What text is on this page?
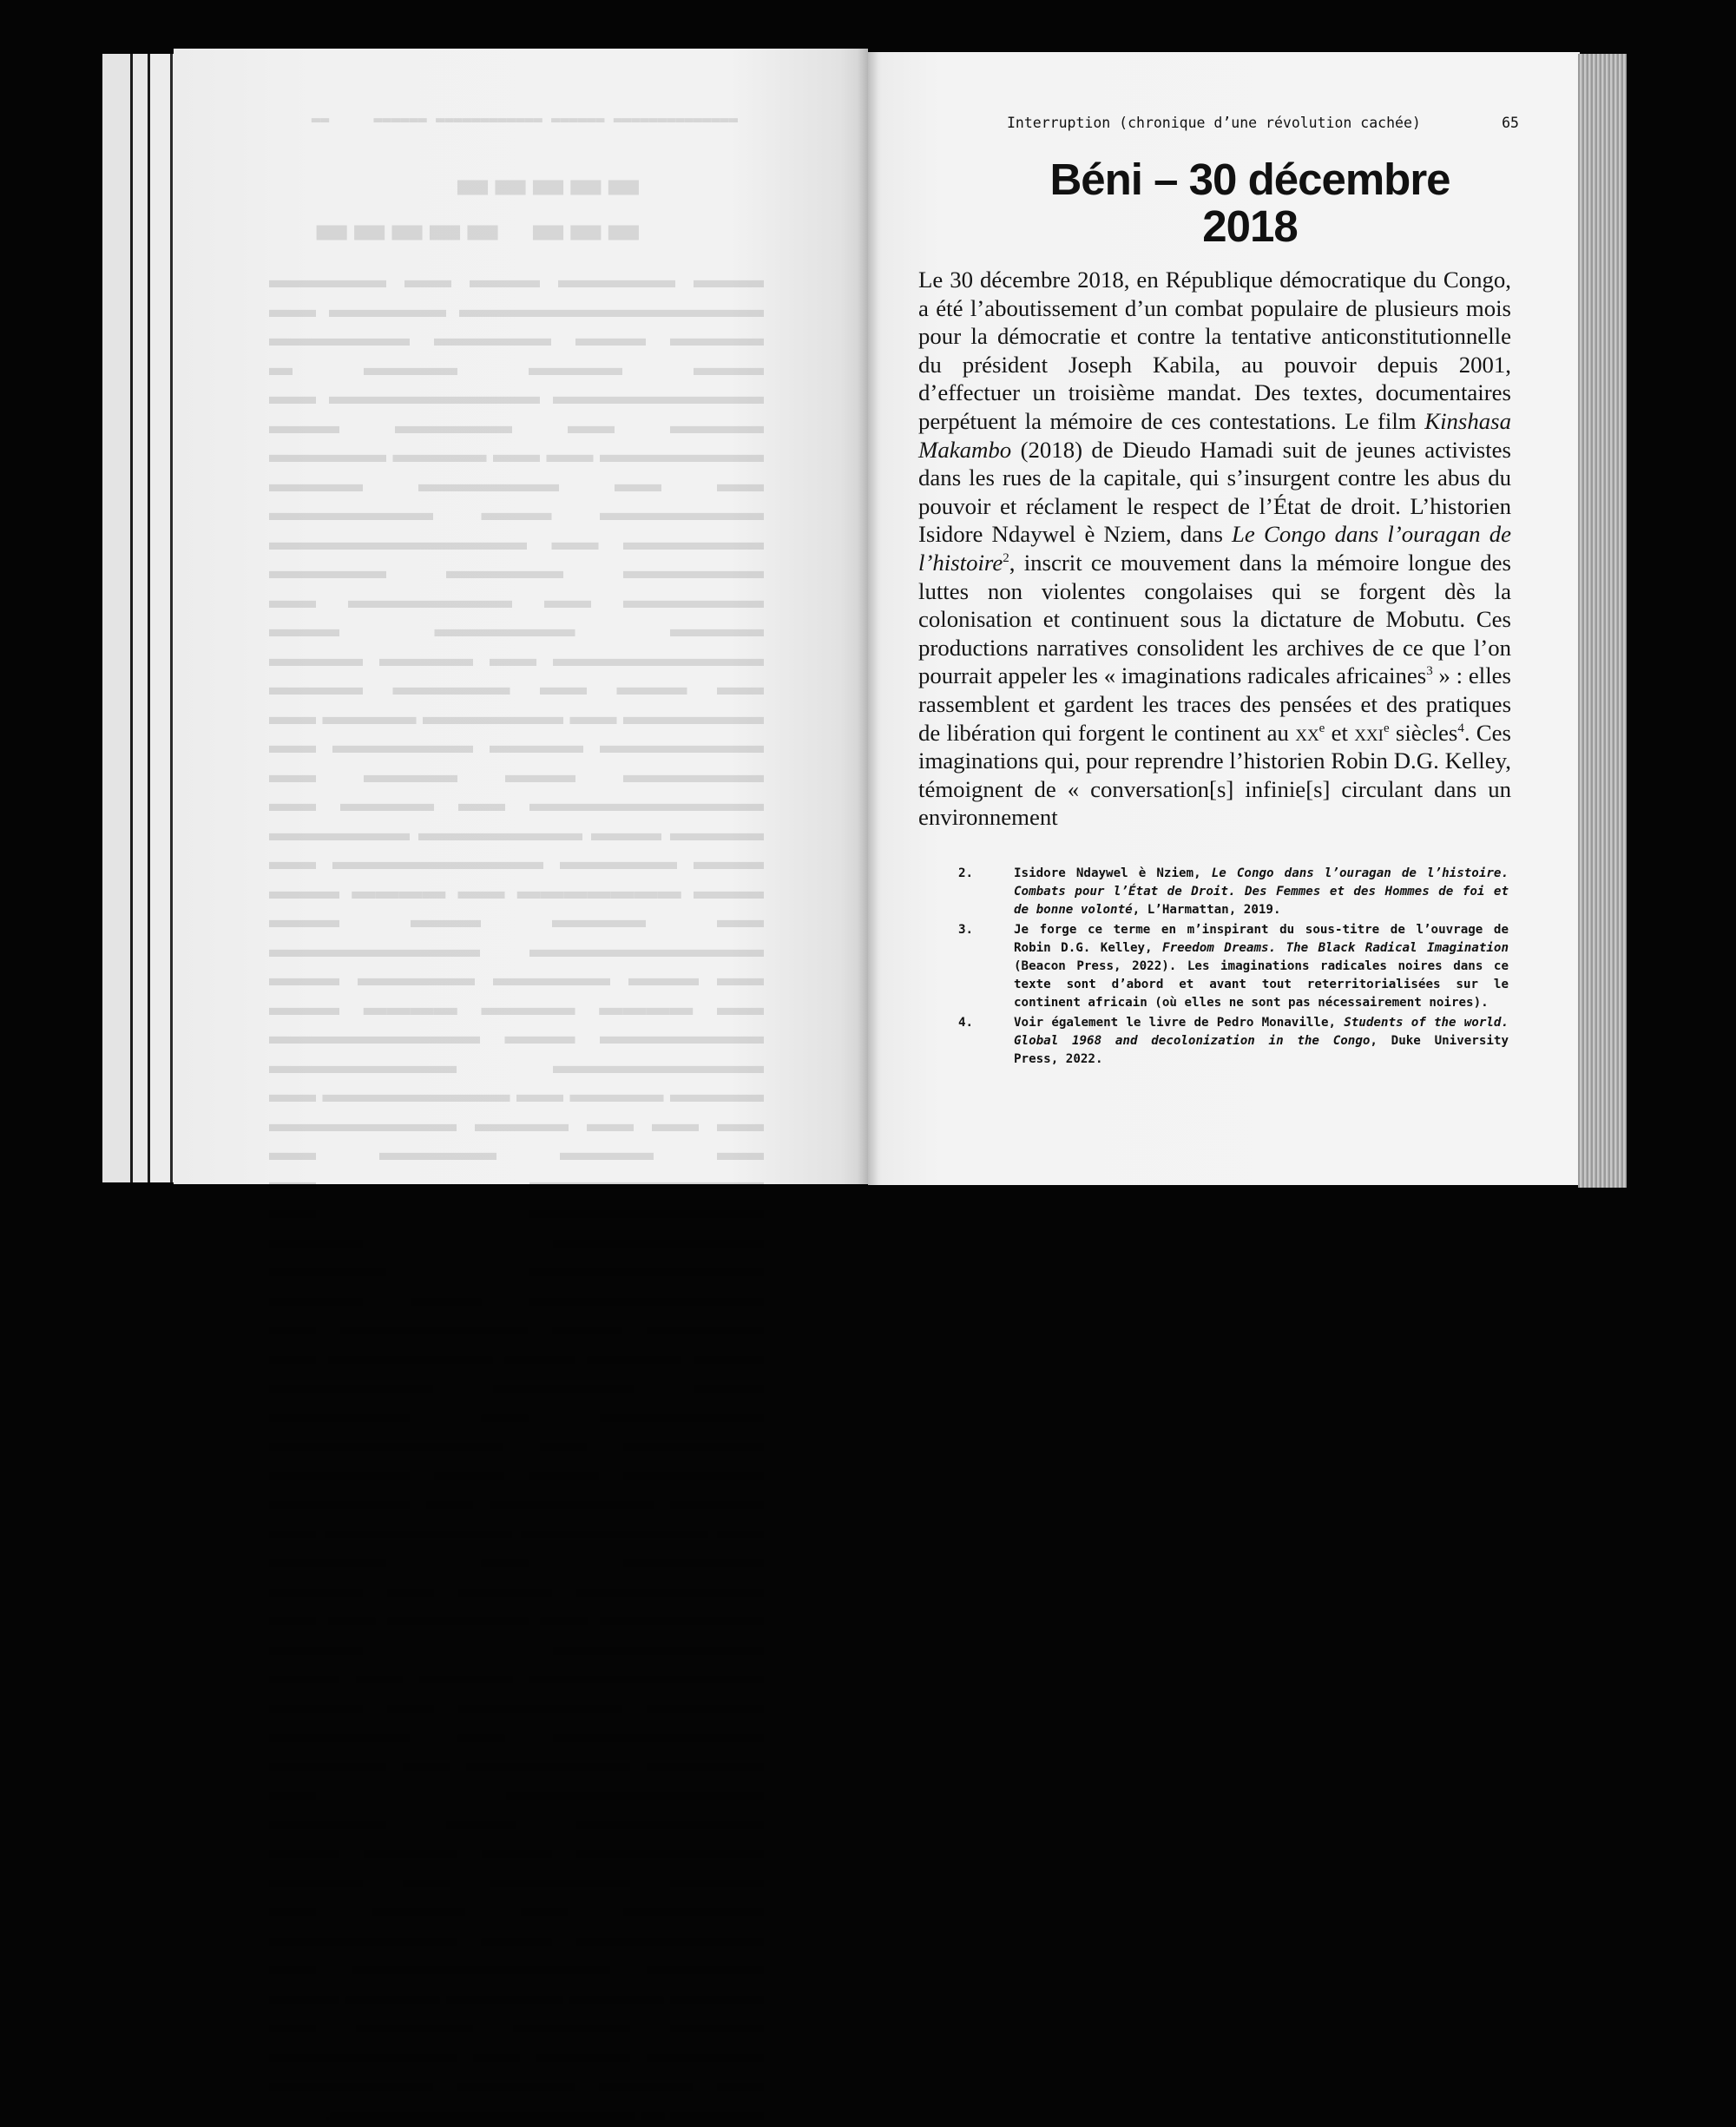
▬▬▬▬▬▬▬▬▬▬▬▬▬▬ ▬▬▬▬▬▬ ▬▬▬▬▬▬▬▬▬▬▬▬ ▬▬▬▬▬▬     ▬▬
▬▬▬▬▬
▬▬▬  ▬▬▬▬▬
▬▬▬ ▬▬▬▬▬ ▬▬▬ ▬▬ ▬▬▬▬▬ ▬▬▬▬▬▬▬▬▬▬▬▬▬ ▬▬▬▬▬ ▬▬ ▬▬▬▬ ▬▬▬ ▬▬▬▬▬ ▬▬▬▬▬▬ ▬▬▬ ▬▬▬▬ ▬▬▬▬ ▬ ▬▬▬▬▬▬▬▬▬ ▬▬▬▬▬▬▬▬▬ ▬▬ ▬▬▬▬ ▬▬ ▬▬▬▬▬ ▬▬▬ ▬▬▬▬▬▬▬ ▬▬ ▬▬ ▬▬▬▬ ▬▬▬▬▬ ▬▬ ▬▬ ▬▬▬▬▬▬ ▬▬▬▬ ▬▬▬▬▬▬▬ ▬▬▬ ▬▬▬▬▬▬▬ ▬▬▬▬▬▬ ▬▬ ▬▬▬▬▬▬▬▬▬▬▬ ▬▬▬▬▬▬ ▬▬▬▬▬ ▬▬▬▬▬ ▬▬▬▬▬▬ ▬▬ ▬▬▬▬▬▬▬ ▬▬ ▬▬▬▬ ▬▬▬▬▬▬ ▬▬▬ ▬▬▬▬▬▬▬▬▬ ▬▬ ▬▬▬▬ ▬▬▬▬ ▬▬ ▬▬▬ ▬▬ ▬▬▬▬▬ ▬▬▬▬ ▬▬▬▬▬▬ ▬▬ ▬▬▬▬▬▬ ▬▬▬▬ ▬▬ ▬▬▬▬▬▬▬ ▬▬▬▬ ▬▬▬▬▬▬ ▬▬ ▬▬▬▬▬▬ ▬▬▬ ▬▬▬▬ ▬▬ ▬▬▬▬▬▬▬▬▬▬ ▬▬ ▬▬▬▬ ▬▬ ▬▬▬▬ ▬▬▬ ▬▬▬▬▬▬▬ ▬▬▬▬▬▬ ▬▬▬ ▬▬▬▬▬ ▬▬▬▬▬▬▬▬▬ ▬▬ ▬▬▬ ▬▬▬▬▬▬▬ ▬▬ ▬▬▬▬ ▬▬▬ ▬▬ ▬▬▬▬ ▬▬▬ ▬▬▬ ▬▬▬▬▬▬▬▬▬▬ ▬▬▬▬▬▬▬▬▬ ▬▬ ▬▬▬ ▬▬▬▬▬ ▬▬▬▬▬ ▬▬▬ ▬▬ ▬▬▬▬ ▬▬▬▬ ▬▬▬▬ ▬▬▬ ▬▬▬▬▬▬▬ ▬▬▬ ▬▬▬▬▬▬▬▬▬ ▬▬▬▬▬▬▬▬▬ ▬▬▬▬▬▬▬▬ ▬▬▬▬ ▬▬▬▬ ▬▬ ▬▬▬▬▬▬▬▬ ▬▬ ▬▬ ▬▬ ▬▬ ▬▬▬▬ ▬▬▬▬▬▬▬▬ ▬▬ ▬▬▬▬ ▬▬▬▬▬ ▬▬ ▬▬▬▬▬▬▬▬▬▬ ▬▬ ▬▬▬▬▬▬▬▬▬▬ ▬▬ ▬▬▬▬▬▬▬▬▬ ▬▬▬▬ ▬▬▬▬▬▬▬▬▬▬ ▬▬▬▬▬ ▬▬▬▬▬▬▬▬▬▬ ▬▬▬ ▬▬▬▬ ▬▬▬▬▬ ▬▬▬ ▬▬▬▬▬▬▬▬ ▬▬ ▬▬▬ ▬▬▬▬ ▬▬▬ ▬▬▬▬▬▬▬ ▬▬ ▬▬▬ ▬▬▬▬▬▬ ▬▬▬▬▬▬▬ ▬▬▬▬▬▬▬ ▬▬ ▬▬▬▬▬▬ ▬▬▬▬▬▬ ▬▬ ▬▬▬▬▬▬▬▬▬▬ ▬▬▬▬▬▬ ▬▬▬ ▬▬▬ ▬▬▬▬▬▬ ▬▬▬▬ ▬▬▬▬▬▬▬ ▬▬ ▬▬▬▬▬▬ ▬▬ ▬▬▬▬▬▬▬▬ ▬▬▬▬▬▬▬▬ ▬▬ ▬▬▬▬▬▬ ▬▬ ▬▬▬▬▬ ▬▬▬▬▬▬▬▬ ▬▬▬▬ ▬▬ ▬▬▬▬ ▬▬▬▬▬▬▬ ▬▬ ▬▬▬▬▬▬ ▬▬ ▬▬ ▬▬▬▬▬▬▬▬▬ ▬▬▬▬ ▬▬▬▬▬▬▬▬▬▬ ▬▬▬▬ ▬▬ ▬▬▬ ▬▬▬▬▬ ▬▬▬▬▬▬▬ ▬▬ ▬▬▬▬ ▬▬▬▬▬▬▬▬▬ ▬▬ ▬▬▬▬▬▬ ▬▬▬▬▬ ▬▬▬▬▬▬▬ ▬▬ ▬▬▬▬▬ ▬▬▬▬▬▬▬▬▬▬▬ ▬▬ ▬▬▬▬▬▬▬▬ ▬▬▬ ▬▬▬▬▬ ▬▬▬▬▬▬▬▬ ▬▬▬ ▬▬▬▬ ▬▬▬ ▬▬▬▬ ▬▬▬▬▬▬ ▬▬ ▬▬▬▬ ▬▬▬▬▬▬ ▬▬ ▬▬▬▬ ▬▬ ▬▬▬▬▬▬▬▬ ▬▬▬ ▬▬▬▬▬▬▬▬ ▬▬▬▬▬ ▬▬▬▬▬▬▬▬▬▬▬ ▬▬ ▬▬▬▬ ▬▬▬▬ ▬▬▬▬▬ ▬▬▬▬ ▬▬▬ ▬▬▬▬ ▬▬▬▬▬ ▬▬▬▬▬ ▬▬ ▬▬▬▬▬ ▬▬▬▬ ▬▬ ▬▬▬▬▬▬▬▬ ▬▬ ▬▬▬▬ ▬▬▬▬▬ ▬▬▬▬▬▬▬ ▬▬▬▬ ▬ ▬▬▬▬▬▬▬▬▬▬▬▬▬.
Interruption (chronique d’une révolution cachée)	65
Béni – 30 décembre
2018

Le 30 décembre 2018, en République démocratique du Congo, a été l’aboutissement d’un combat populaire de plusieurs mois pour la démocratie et contre la tentative anticonstitutionnelle du président Joseph Kabila, au pouvoir depuis 2001, d’effectuer un troisième mandat. Des textes, documentaires perpétuent la mémoire de ces contestations. Le film Kinshasa Makambo (2018) de Dieudo Hamadi suit de jeunes activistes dans les rues de la capitale, qui s’insurgent contre les abus du pouvoir et réclament le respect de l’État de droit. L’historien Isidore Ndaywel è Nziem, dans Le Congo dans l’ouragan de l’histoire$^2$, inscrit ce mouvement dans la mémoire longue des luttes non violentes congolaises qui se forgent dès la colonisation et continuent sous la dictature de Mobutu. Ces productions narratives consolident les archives de ce que l’on pourrait appeler les « imaginations radicales africaines$^3$ » : elles rassemblent et gardent les traces des pensées et des pratiques de libération qui forgent le continent au $xx^e$ et xxi$^e$ siècles$^4$. Ces imaginations qui, pour reprendre l’historien Robin D.G. Kelley, témoignent de « conversation[s] infinie[s] circulant dans un environnement

2.	Isidore Ndaywel è Nziem, Le Congo dans l’ouragan de l’histoire. Combats pour l’État de Droit. Des Femmes et des Hommes de foi et de bonne volonté, L’Harmattan, 2019.
3.	Je forge ce terme en m’inspirant du sous-titre de l’ouvrage de Robin D.G. Kelley, Freedom Dreams. The Black Radical Imagination (Beacon Press, 2022). Les imaginations radicales noires dans ce texte sont d’abord et avant tout reterritorialisées sur le continent africain (où elles ne sont pas nécessairement noires).
4.	Voir également le livre de Pedro Monaville, Students of the world. Global 1968 and decolonization in the Congo, Duke University Press, 2022.
